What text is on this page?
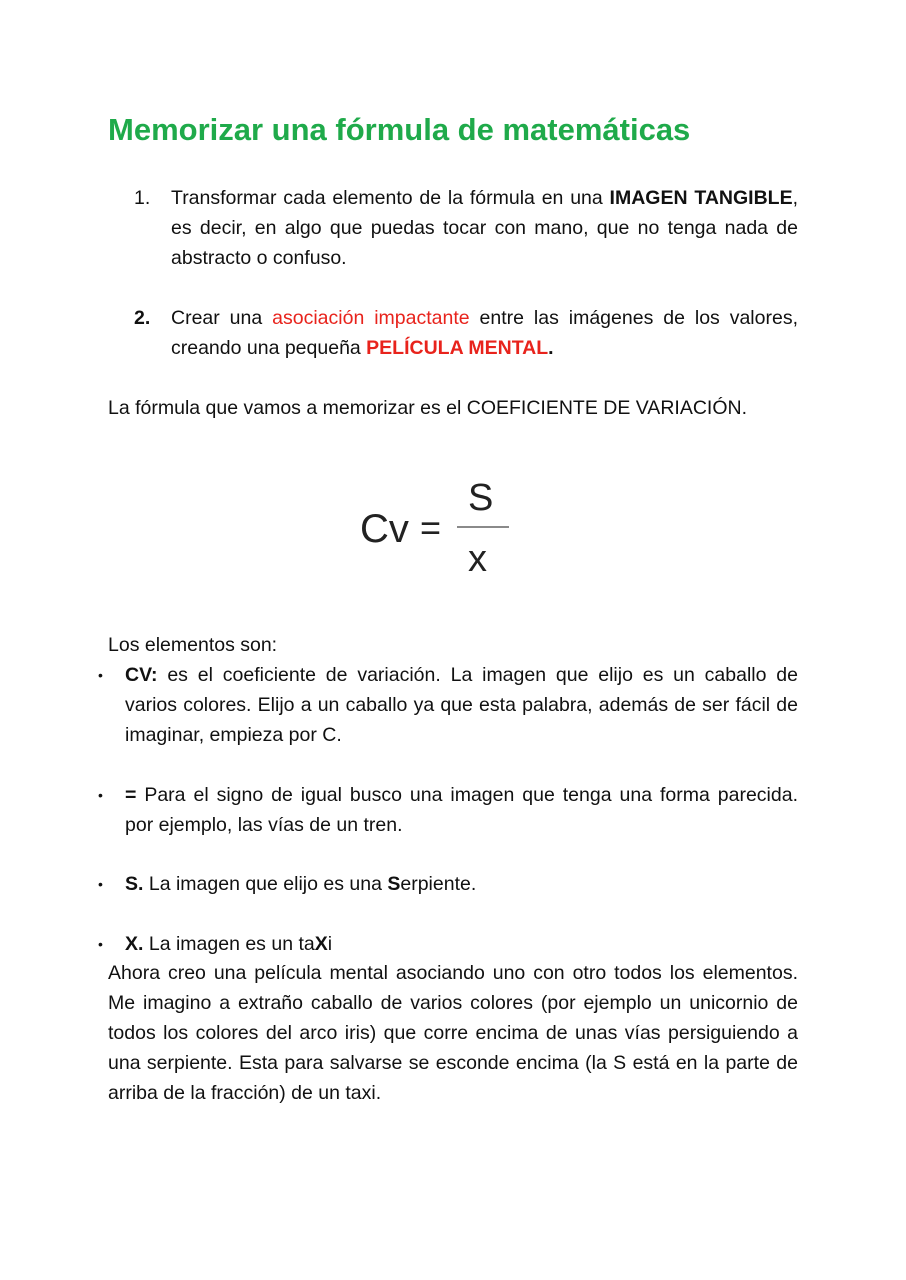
Memorizar una fórmula de matemáticas
1.	Transformar cada elemento de la fórmula en una IMAGEN TANGIBLE, es decir, en algo que puedas tocar con mano, que no tenga nada de abstracto o confuso.
2.	Crear una asociación impactante entre las imágenes de los valores, creando una pequeña PELÍCULA MENTAL.

La fórmula que vamos a memorizar es el COEFICIENTE DE VARIACIÓN.

Cv =
S
x

Los elementos son:

•	CV: es el coeficiente de variación. La imagen que elijo es un caballo de varios colores. Elijo a un caballo ya que esta palabra, además de ser fácil de imaginar, empieza por C.
•	= Para el signo de igual busco una imagen que tenga una forma parecida. por ejemplo, las vías de un tren.
•	S. La imagen que elijo es una Serpiente.
•	X. La imagen es un taXi

Ahora creo una película mental asociando uno con otro todos los elementos. Me imagino a extraño caballo de varios colores (por ejemplo un unicornio de todos los colores del arco iris) que corre encima de unas vías persiguiendo a una serpiente. Esta para salvarse se esconde encima (la S está en la parte de arriba de la fracción) de un taxi.
